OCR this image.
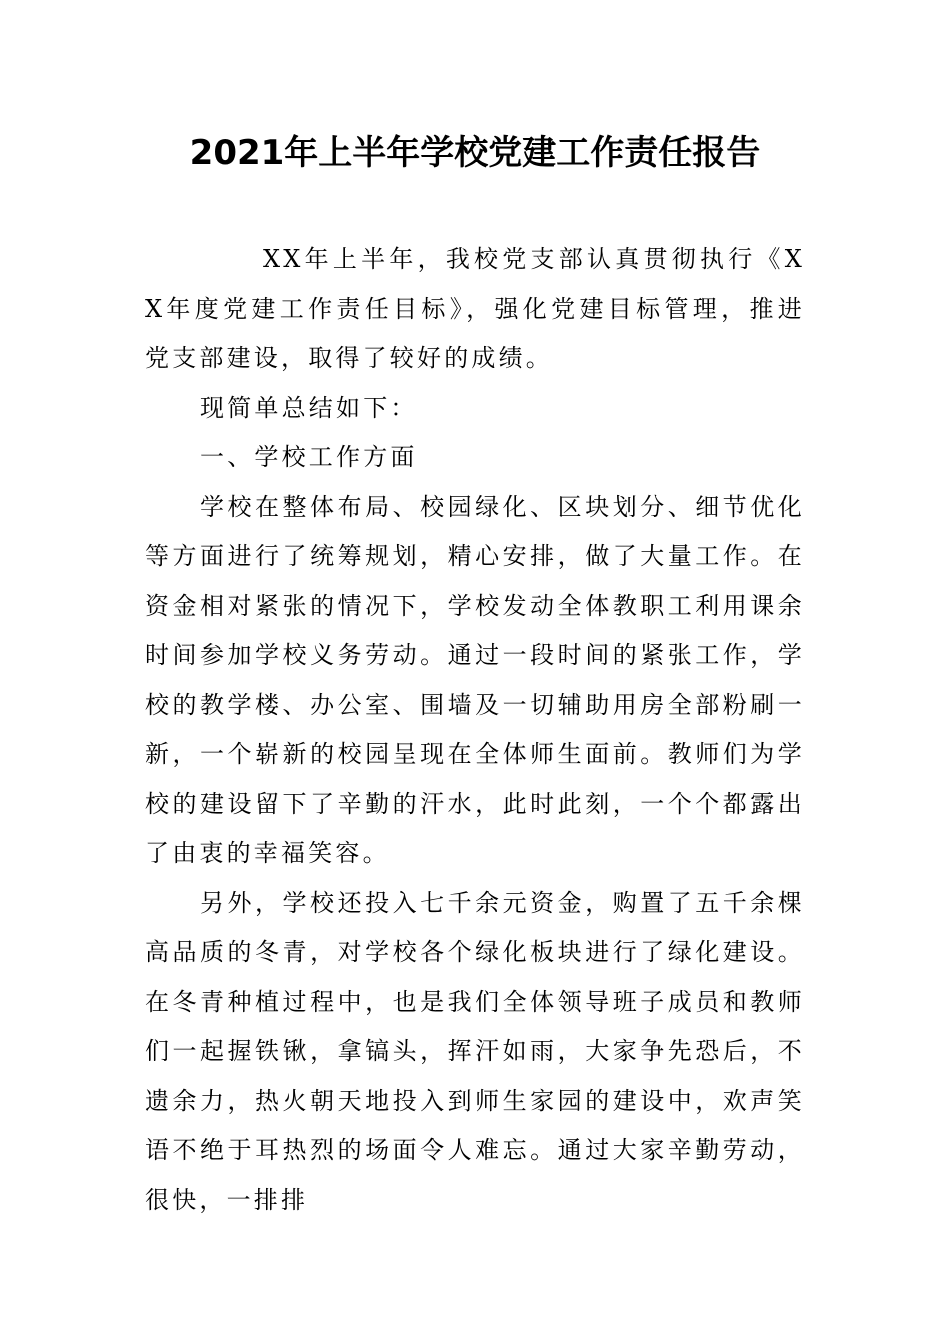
2021年上半年学校党建工作责任报告

XX年上半年，我校党支部认真贯彻执行《XX年度党建工作责任目标》，强化党建目标管理，推进党支部建设，取得了较好的成绩。

现简单总结如下：

一、学校工作方面

学校在整体布局、校园绿化、区块划分、细节优化等方面进行了统筹规划，精心安排，做了大量工作。在资金相对紧张的情况下，学校发动全体教职工利用课余时间参加学校义务劳动。通过一段时间的紧张工作，学校的教学楼、办公室、围墙及一切辅助用房全部粉刷一新，一个崭新的校园呈现在全体师生面前。教师们为学校的建设留下了辛勤的汗水，此时此刻，一个个都露出了由衷的幸福笑容。

另外，学校还投入七千余元资金，购置了五千余棵高品质的冬青，对学校各个绿化板块进行了绿化建设。在冬青种植过程中，也是我们全体领导班子成员和教师们一起握铁锹，拿镐头，挥汗如雨，大家争先恐后，不遗余力，热火朝天地投入到师生家园的建设中，欢声笑语不绝于耳热烈的场面令人难忘。通过大家辛勤劳动，很快，一排排
